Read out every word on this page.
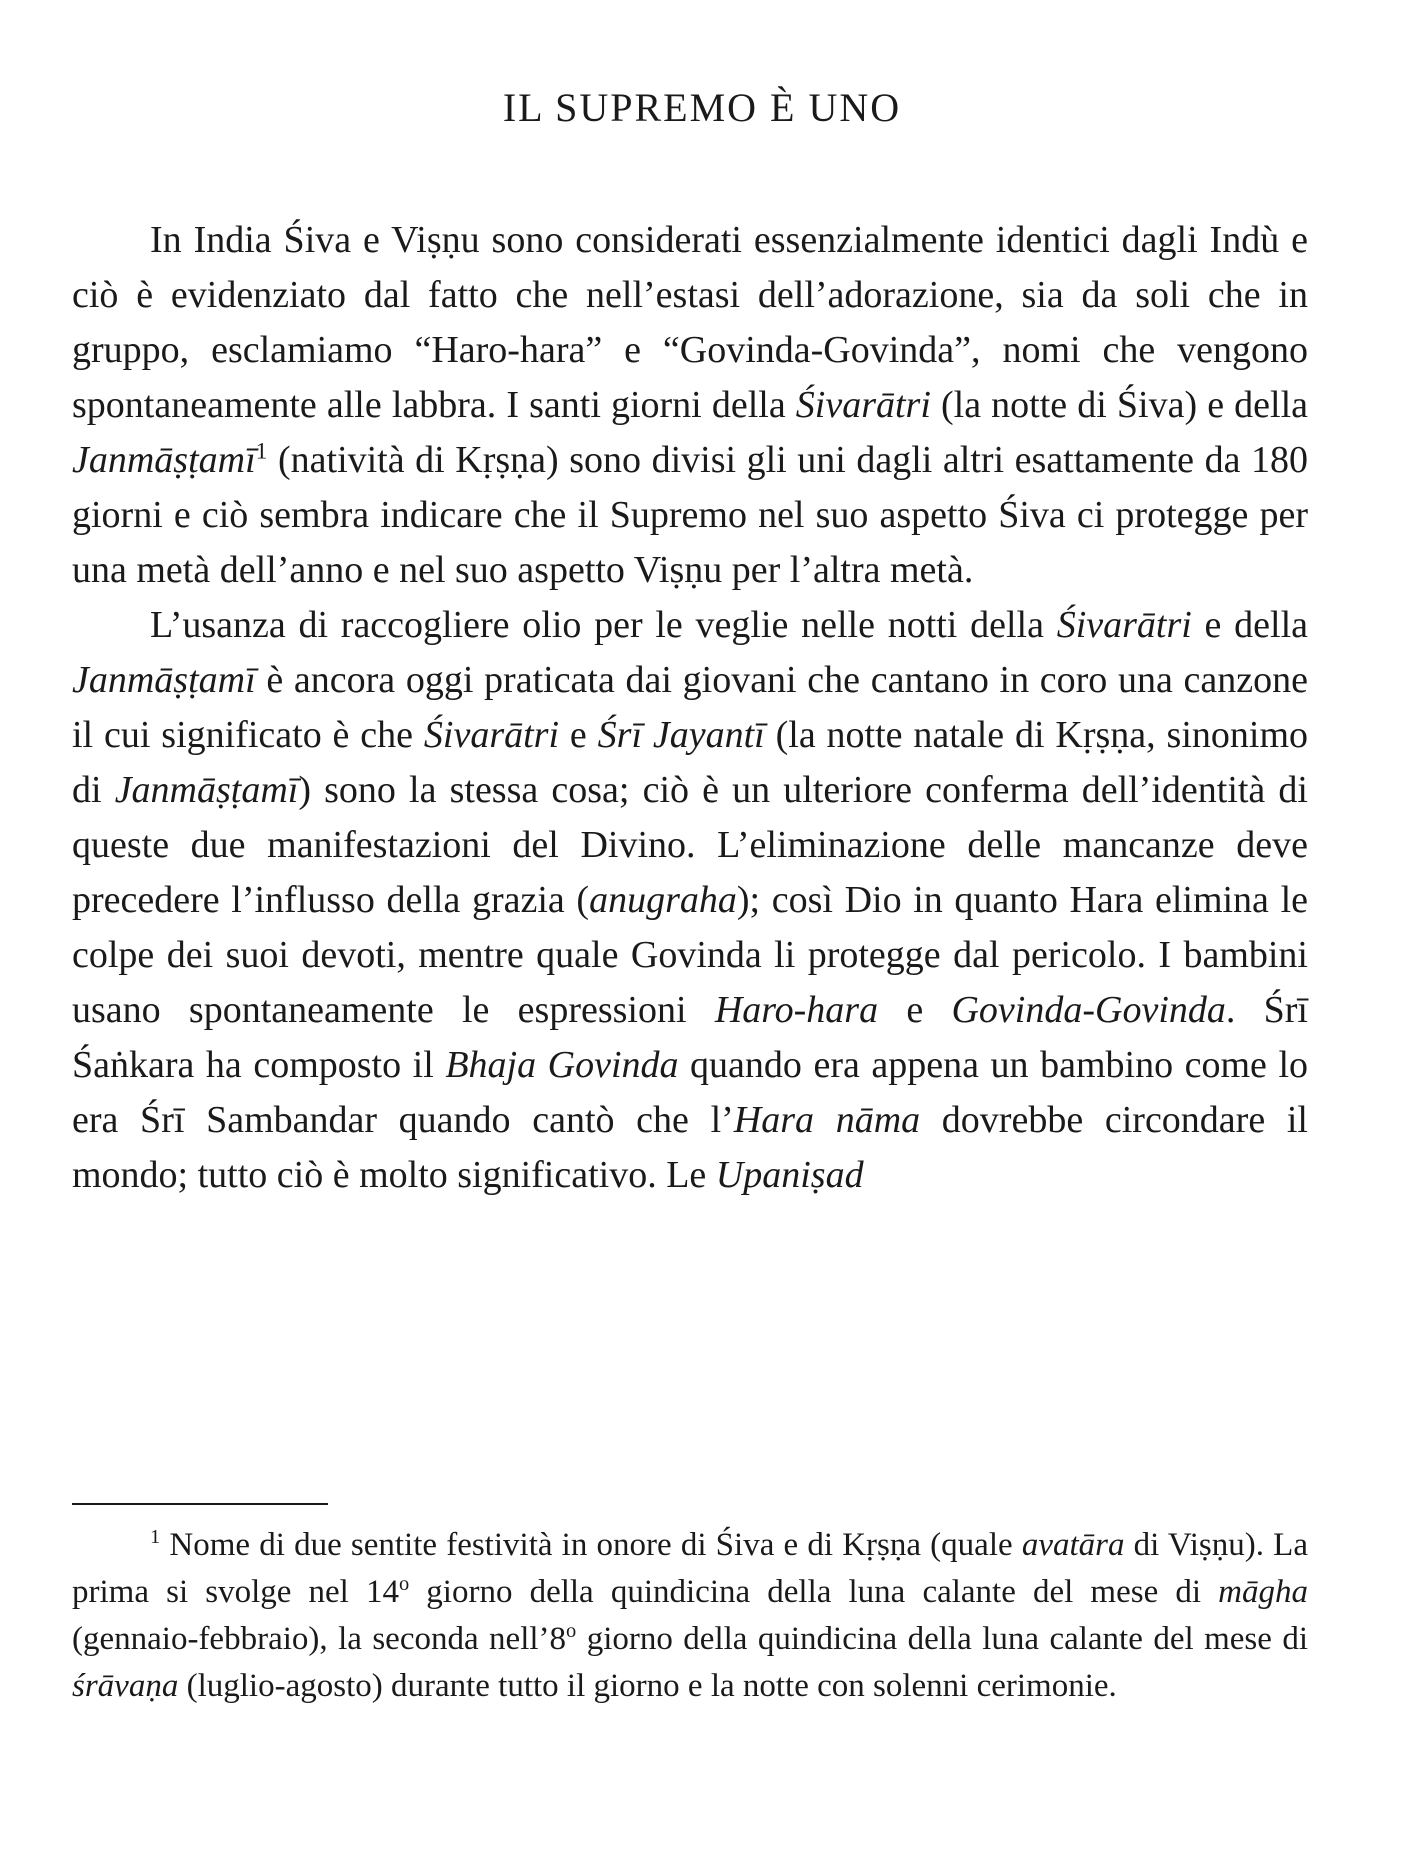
IL SUPREMO È UNO

In India Śiva e Viṣṇu sono considerati essenzialmente identici dagli Indù e ciò è evidenziato dal fatto che nell’estasi dell’adorazione, sia da soli che in gruppo, esclamiamo “Haro-hara” e “Govinda-Govinda”, nomi che vengono spontaneamente alle labbra. I santi giorni della Śivarātri (la notte di Śiva) e della Janmāṣṭamī$^1$ (natività di Kṛṣṇa) sono divisi gli uni dagli altri esattamente da 180 giorni e ciò sembra indicare che il Supremo nel suo aspetto Śiva ci protegge per una metà dell’anno e nel suo aspetto Viṣṇu per l’altra metà.

L’usanza di raccogliere olio per le veglie nelle notti della Śivarātri e della Janmāṣṭamī è ancora oggi praticata dai giovani che cantano in coro una canzone il cui significato è che Śivarātri e Śrī Jayantī (la notte natale di Kṛṣṇa, sinonimo di Janmāṣṭamī) sono la stessa cosa; ciò è un ulteriore conferma dell’identità di queste due manifestazioni del Divino. L’eliminazione delle mancanze deve precedere l’influsso della grazia (anugraha); così Dio in quanto Hara elimina le colpe dei suoi devoti, mentre quale Govinda li protegge dal pericolo. I bambini usano spontaneamente le espressioni Haro-hara e Govinda-Govinda. Śrī Śaṅkara ha composto il Bhaja Govinda quando era appena un bambino come lo era Śrī Sambandar quando cantò che l’Hara nāma dovrebbe circondare il mondo; tutto ciò è molto significativo. Le Upaniṣad

$^1$ Nome di due sentite festività in onore di Śiva e di Kṛṣṇa (quale avatāra di Viṣṇu). La prima si svolge nel 14$^o$ giorno della quindicina della luna calante del mese di māgha (gennaio-febbraio), la seconda nell’8$^o$ giorno della quindicina della luna calante del mese di śrāvaṇa (luglio-agosto) durante tutto il giorno e la notte con solenni cerimonie.
